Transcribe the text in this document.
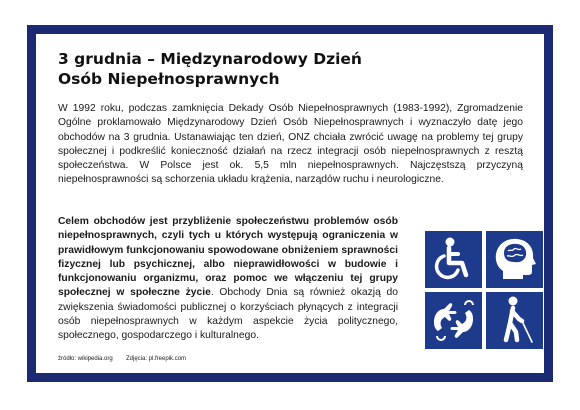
3 grudnia – Międzynarodowy Dzień
Osób Niepełnosprawnych

W 1992 roku, podczas zamknięcia Dekady Osób Niepełnosprawnych (1983-1992), Zgromadzenie Ogólne proklamowało Międzynarodowy Dzień Osób Niepełnosprawnych i wyznaczyło datę jego obchodów na 3 grudnia. Ustanawiając ten dzień, ONZ chciała zwrócić uwagę na problemy tej grupy społecznej i podkreślić konieczność działań na rzecz integracji osób niepełnosprawnych z resztą społeczeństwa. W Polsce jest ok. 5,5 mln niepełnosprawnych. Najczęstszą przyczyną niepełnosprawności są schorzenia układu krążenia, narządów ruchu i neurologiczne.

Celem obchodów jest przybliżenie społeczeństwu problemów osób niepełnosprawnych, czyli tych u których występują ograniczenia w prawidłowym funkcjonowaniu spowodowane obniżeniem sprawności fizycznej lub psychicznej, albo nieprawidłowości w budowie i funkcjonowaniu organizmu, oraz pomoc we włączeniu tej grupy społecznej w społeczne życie. Obchody Dnia są również okazją do zwiększenia świadomości publicznej o korzyściach płynących z integracji osób niepełnosprawnych w każdym aspekcie życia politycznego, społecznego, gospodarczego i kulturalnego.
źródło: wikipedia.org Zdjęcia: pl.freepik.com
